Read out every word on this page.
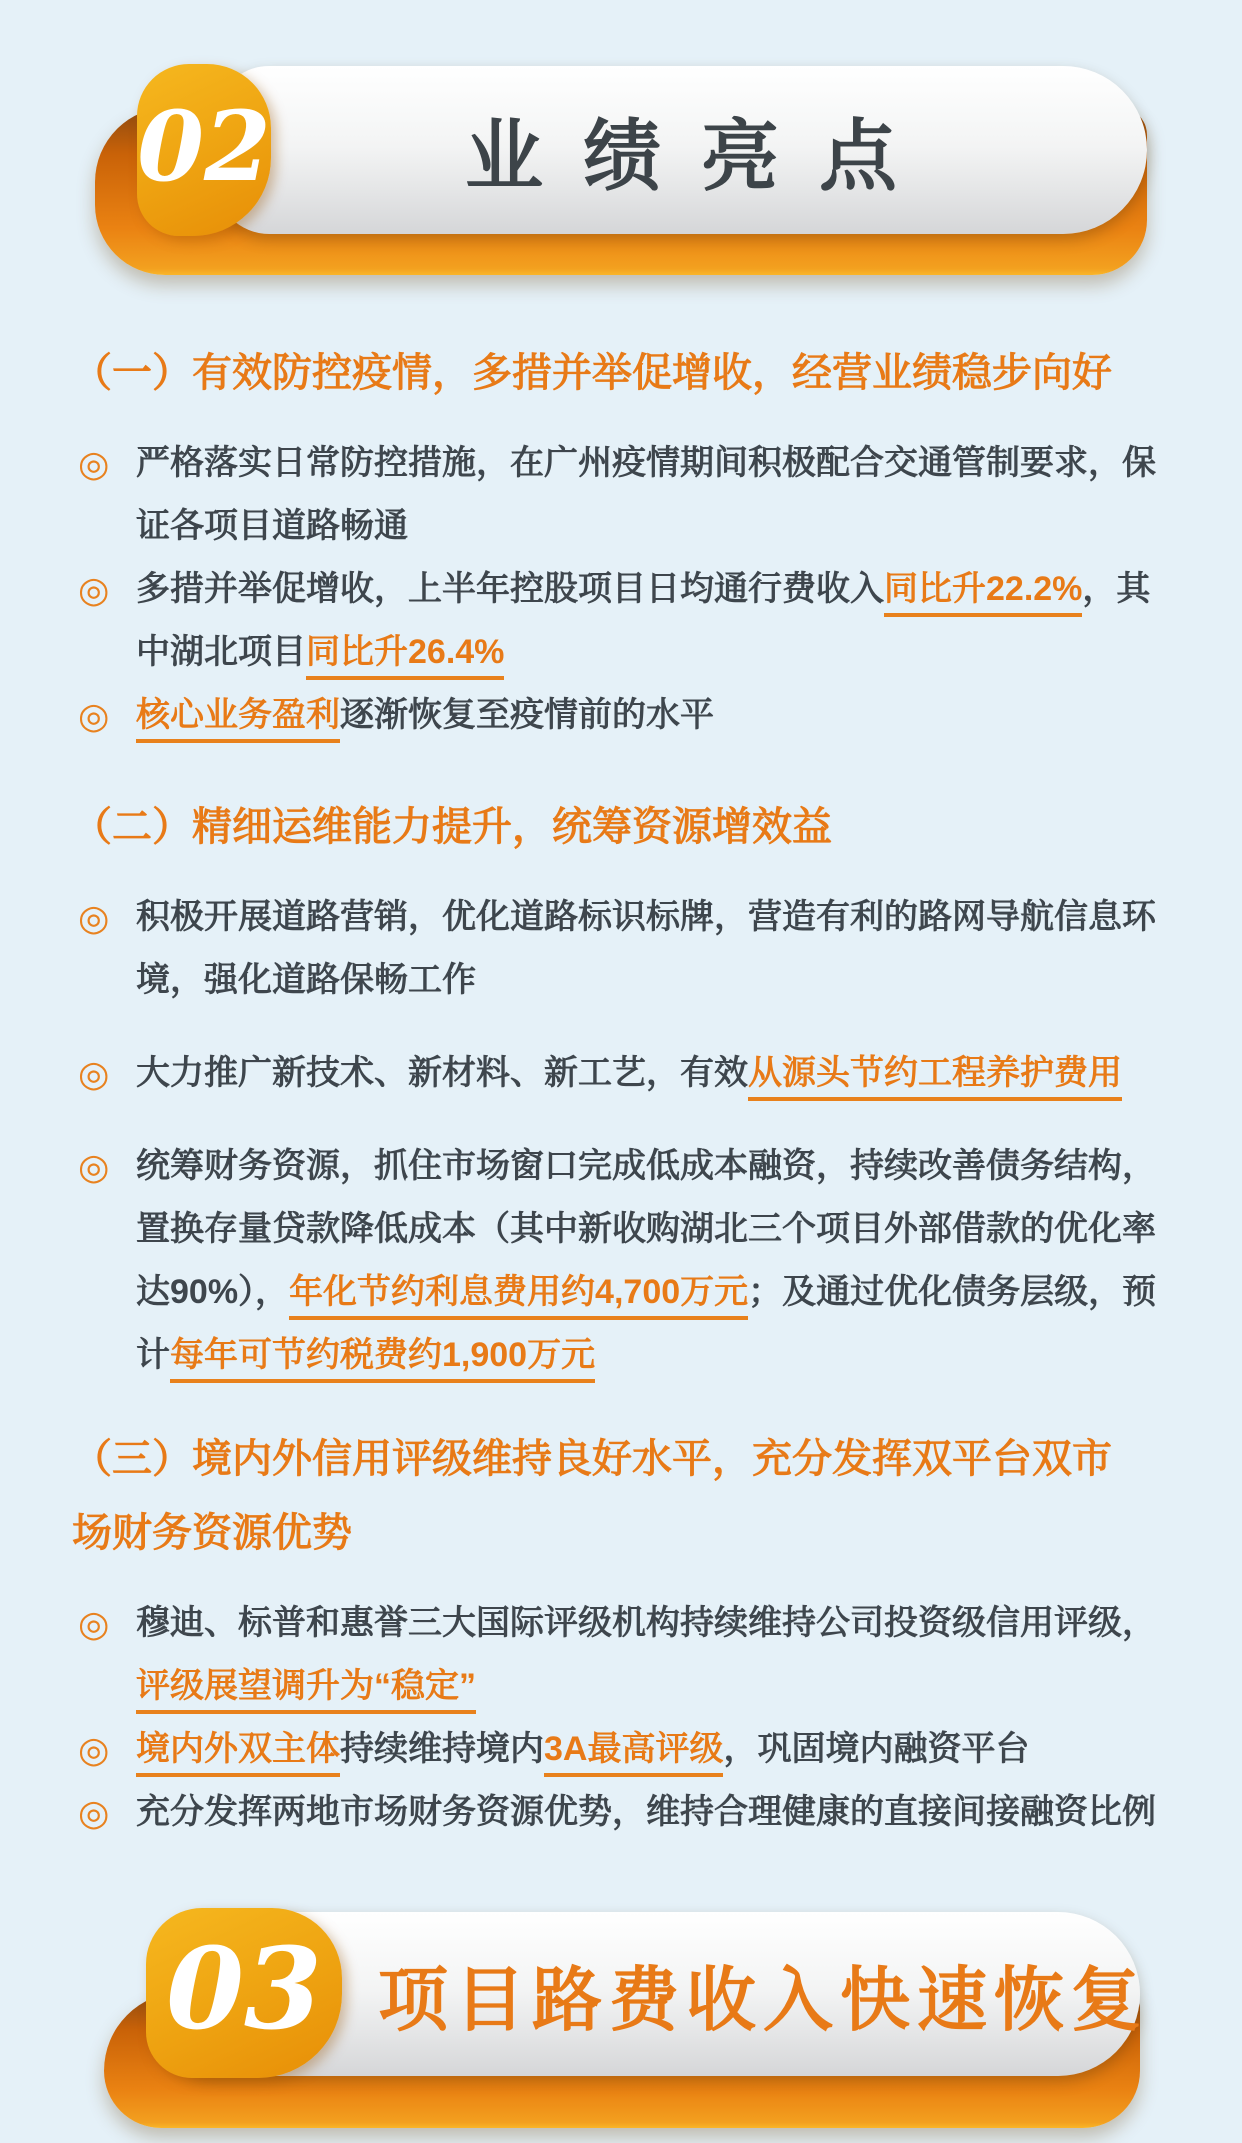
业绩亮点
02
（一）有效防控疫情，多措并举促增收，经营业绩稳步向好
◎ 严格落实日常防控措施，在广州疫情期间积极配合交通管制要求，保证各项目道路畅通
◎ 多措并举促增收，上半年控股项目日均通行费收入同比升22.2%，其中湖北项目同比升26.4%
◎ 核心业务盈利逐渐恢复至疫情前的水平
（二）精细运维能力提升，统筹资源增效益
◎ 积极开展道路营销，优化道路标识标牌，营造有利的路网导航信息环境，强化道路保畅工作
◎ 大力推广新技术、新材料、新工艺，有效从源头节约工程养护费用
◎ 统筹财务资源，抓住市场窗口完成低成本融资，持续改善债务结构，置换存量贷款降低成本（其中新收购湖北三个项目外部借款的优化率达90%），年化节约利息费用约4,700万元；及通过优化债务层级，预计每年可节约税费约1,900万元
（三）境内外信用评级维持良好水平，充分发挥双平台双市场财务资源优势
◎ 穆迪、标普和惠誉三大国际评级机构持续维持公司投资级信用评级，评级展望调升为“稳定”
◎ 境内外双主体持续维持境内3A最高评级，巩固境内融资平台
◎ 充分发挥两地市场财务资源优势，维持合理健康的直接间接融资比例
项目路费收入快速恢复
03
